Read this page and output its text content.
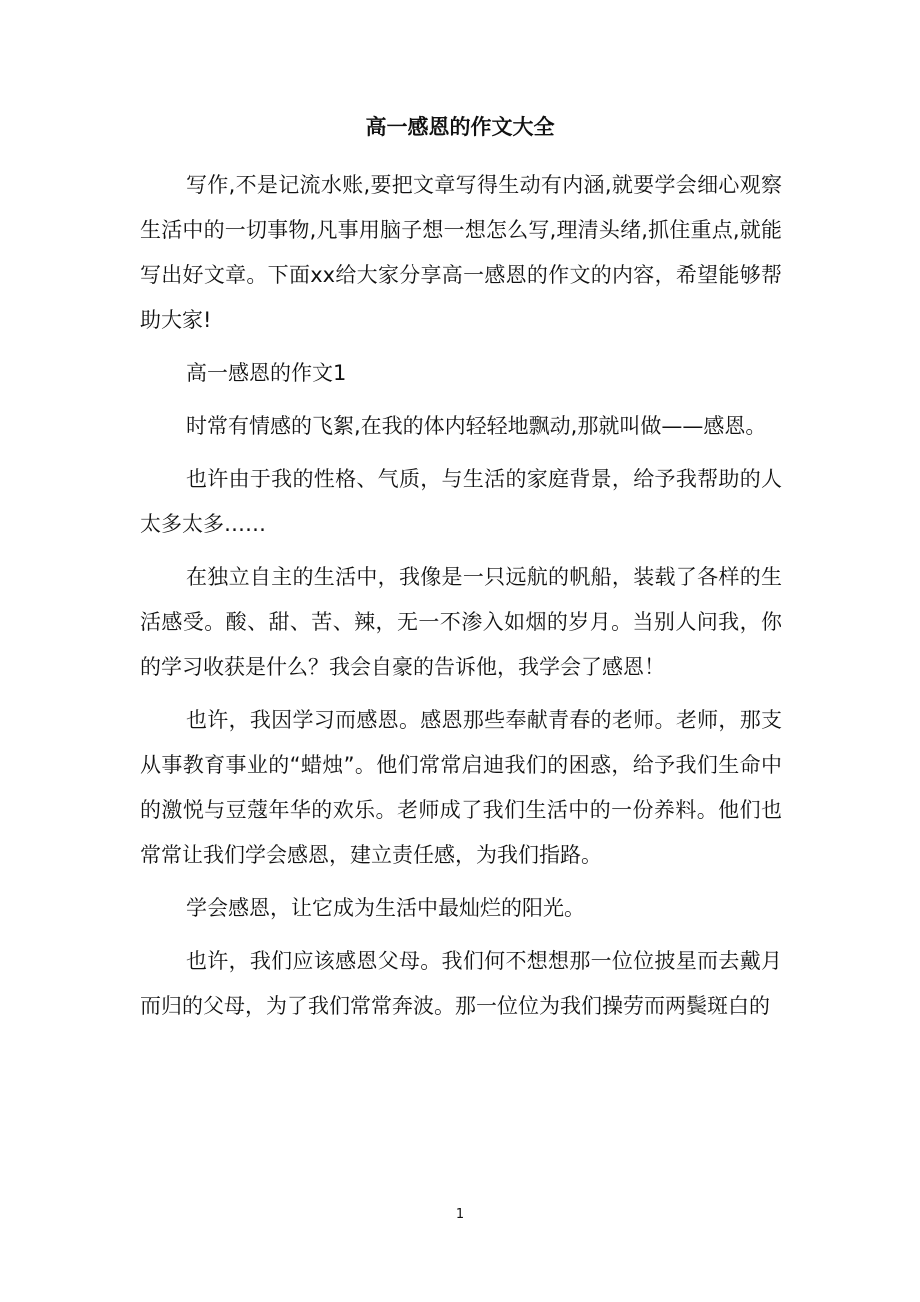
高一感恩的作文大全

写作,不是记流水账,要把文章写得生动有内涵,就要学会细心观察生活中的一切事物,凡事用脑子想一想怎么写,理清头绪,抓住重点,就能写出好文章。下面xx给大家分享高一感恩的作文的内容，希望能够帮助大家!

高一感恩的作文1

时常有情感的飞絮,在我的体内轻轻地飘动,那就叫做——感恩。

也许由于我的性格、气质，与生活的家庭背景，给予我帮助的人太多太多……

在独立自主的生活中，我像是一只远航的帆船，装载了各样的生活感受。酸、甜、苦、辣，无一不渗入如烟的岁月。当别人问我，你的学习收获是什么？我会自豪的告诉他，我学会了感恩！

也许，我因学习而感恩。感恩那些奉献青春的老师。老师，那支从事教育事业的“蜡烛”。他们常常启迪我们的困惑，给予我们生命中的激悦与豆蔻年华的欢乐。老师成了我们生活中的一份养料。他们也常常让我们学会感恩，建立责任感，为我们指路。

学会感恩，让它成为生活中最灿烂的阳光。

也许，我们应该感恩父母。我们何不想想那一位位披星而去戴月而归的父母，为了我们常常奔波。那一位位为我们操劳而两鬓斑白的

1
